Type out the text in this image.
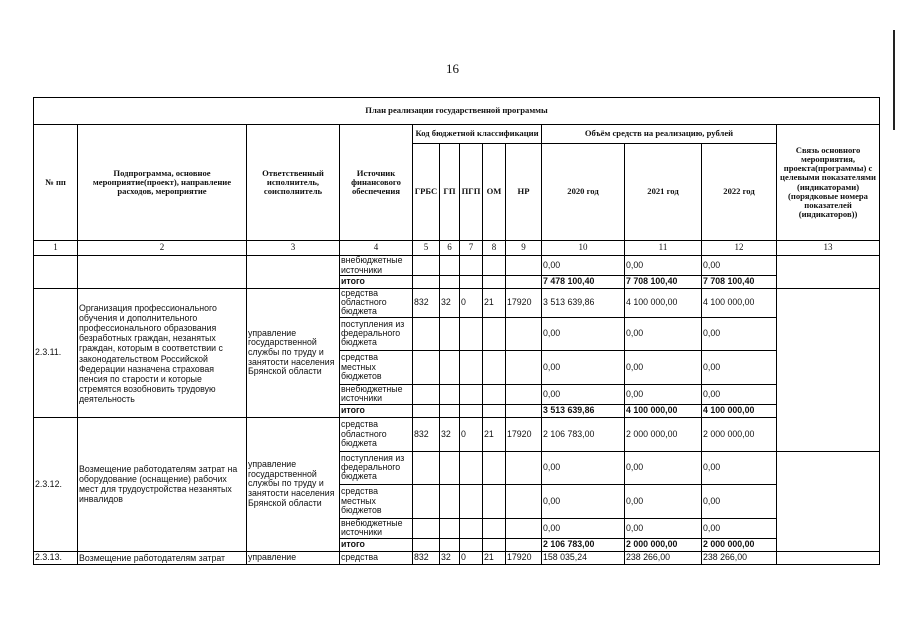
16
План реализации государственной программы												
№ пп	Подпрограмма, основное мероприятие(проект), направление расходов, мероприятие	Ответственный исполнитель, соисполнитель	Источник финансового обеспечения	Код бюджетной классификации					Объём средств на реализацию, рублей			Связь основного мероприятия, проекта(программы) с целевыми показателями (индикаторами) (порядковые номера показателей (индикаторов))
				ГРБС	ГП	ПГП	ОМ	НР	2020 год	2021 год	2022 год	
1	2	3	4	5	6	7	8	9	10	11	12	13
			внебюджетные источники						0,00	0,00	0,00	
			итого						7 478 100,40	7 708 100,40	7 708 100,40	
2.3.11.	Организация профессионального обучения и дополнительного профессионального образования безработных граждан, незанятых граждан, которым в соответствии с законодательством Российской Федерации назначена страховая пенсия по старости и которые стремятся возобновить трудовую деятельность	управление государственной службы по труду и занятости населения Брянской области	средства областного бюджета	832	32	0	21	17920	3 513 639,86	4 100 000,00	4 100 000,00	
			поступления из федерального бюджета						0,00	0,00	0,00	
			средства местных бюджетов						0,00	0,00	0,00	
			внебюджетные источники						0,00	0,00	0,00	
			итого						3 513 639,86	4 100 000,00	4 100 000,00	
2.3.12.	Возмещение работодателям затрат на оборудование (оснащение) рабочих мест для трудоустройства незанятых инвалидов	управление государственной службы по труду и занятости населения Брянской области	средства областного бюджета	832	32	0	21	17920	2 106 783,00	2 000 000,00	2 000 000,00	
			поступления из федерального бюджета						0,00	0,00	0,00	
			средства местных бюджетов						0,00	0,00	0,00	
			внебюджетные источники						0,00	0,00	0,00	
			итого						2 106 783,00	2 000 000,00	2 000 000,00	
2.3.13.	Возмещение работодателям затрат	управление	средства	832	32	0	21	17920	158 035,24	238 266,00	238 266,00	
